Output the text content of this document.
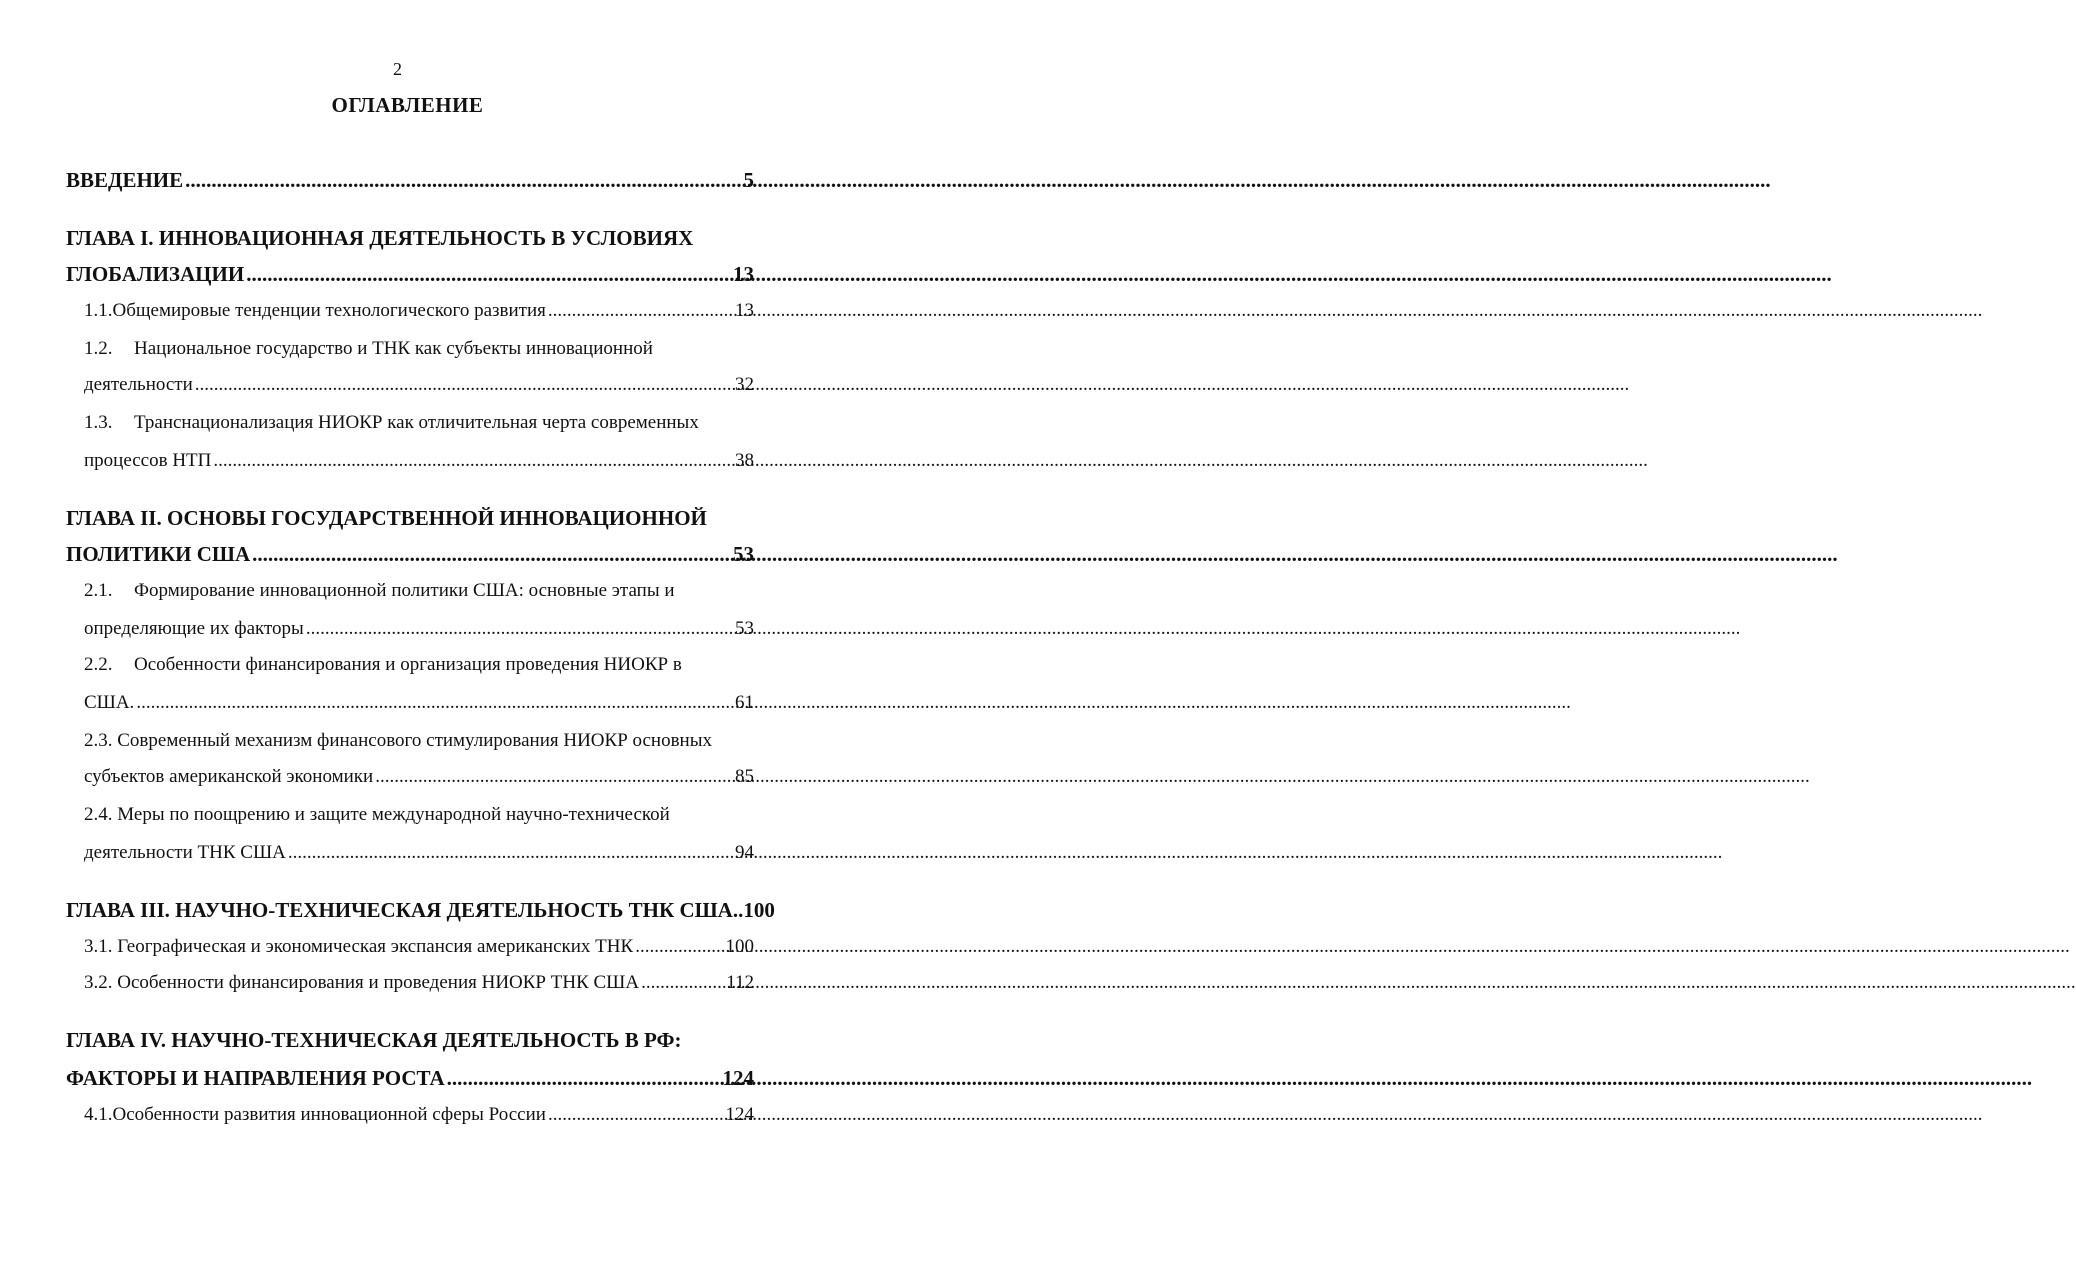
2
ОГЛАВЛЕНИЕ
ВВЕДЕНИЕ .....	5
ГЛАВА I. ИННОВАЦИОННАЯ ДЕЯТЕЛЬНОСТЬ В УСЛОВИЯХ
ГЛОБАЛИЗАЦИИ .....	13
1.1. Общемировые тенденции технологического развития .....	13
1.2.	Национальное государство и ТНК как субъекты инновационной
деятельности .....	32
1.3.	Транснационализация НИОКР как отличительная черта современных
процессов НТП .....	38
ГЛАВА II. ОСНОВЫ ГОСУДАРСТВЕННОЙ ИННОВАЦИОННОЙ
ПОЛИТИКИ США .....	53
2.1.	Формирование инновационной политики США: основные этапы и
определяющие их факторы .....	53
2.2.	Особенности финансирования и организация проведения НИОКР в
США. .....	61
2.3. Современный механизм финансового стимулирования НИОКР основных
субъектов американской экономики .....	85
2.4. Меры по поощрению и защите международной научно-технической
деятельности ТНК США .....	94
ГЛАВА III. НАУЧНО-ТЕХНИЧЕСКАЯ ДЕЯТЕЛЬНОСТЬ ТНК США.. 100
3.1. Географическая и экономическая экспансия американских ТНК .....	100
3.2. Особенности финансирования и проведения НИОКР ТНК США .....	112
ГЛАВА IV. НАУЧНО-ТЕХНИЧЕСКАЯ ДЕЯТЕЛЬНОСТЬ В РФ:
ФАКТОРЫ И НАПРАВЛЕНИЯ РОСТА .....	124
4.1. Особенности развития инновационной сферы России .....	124
